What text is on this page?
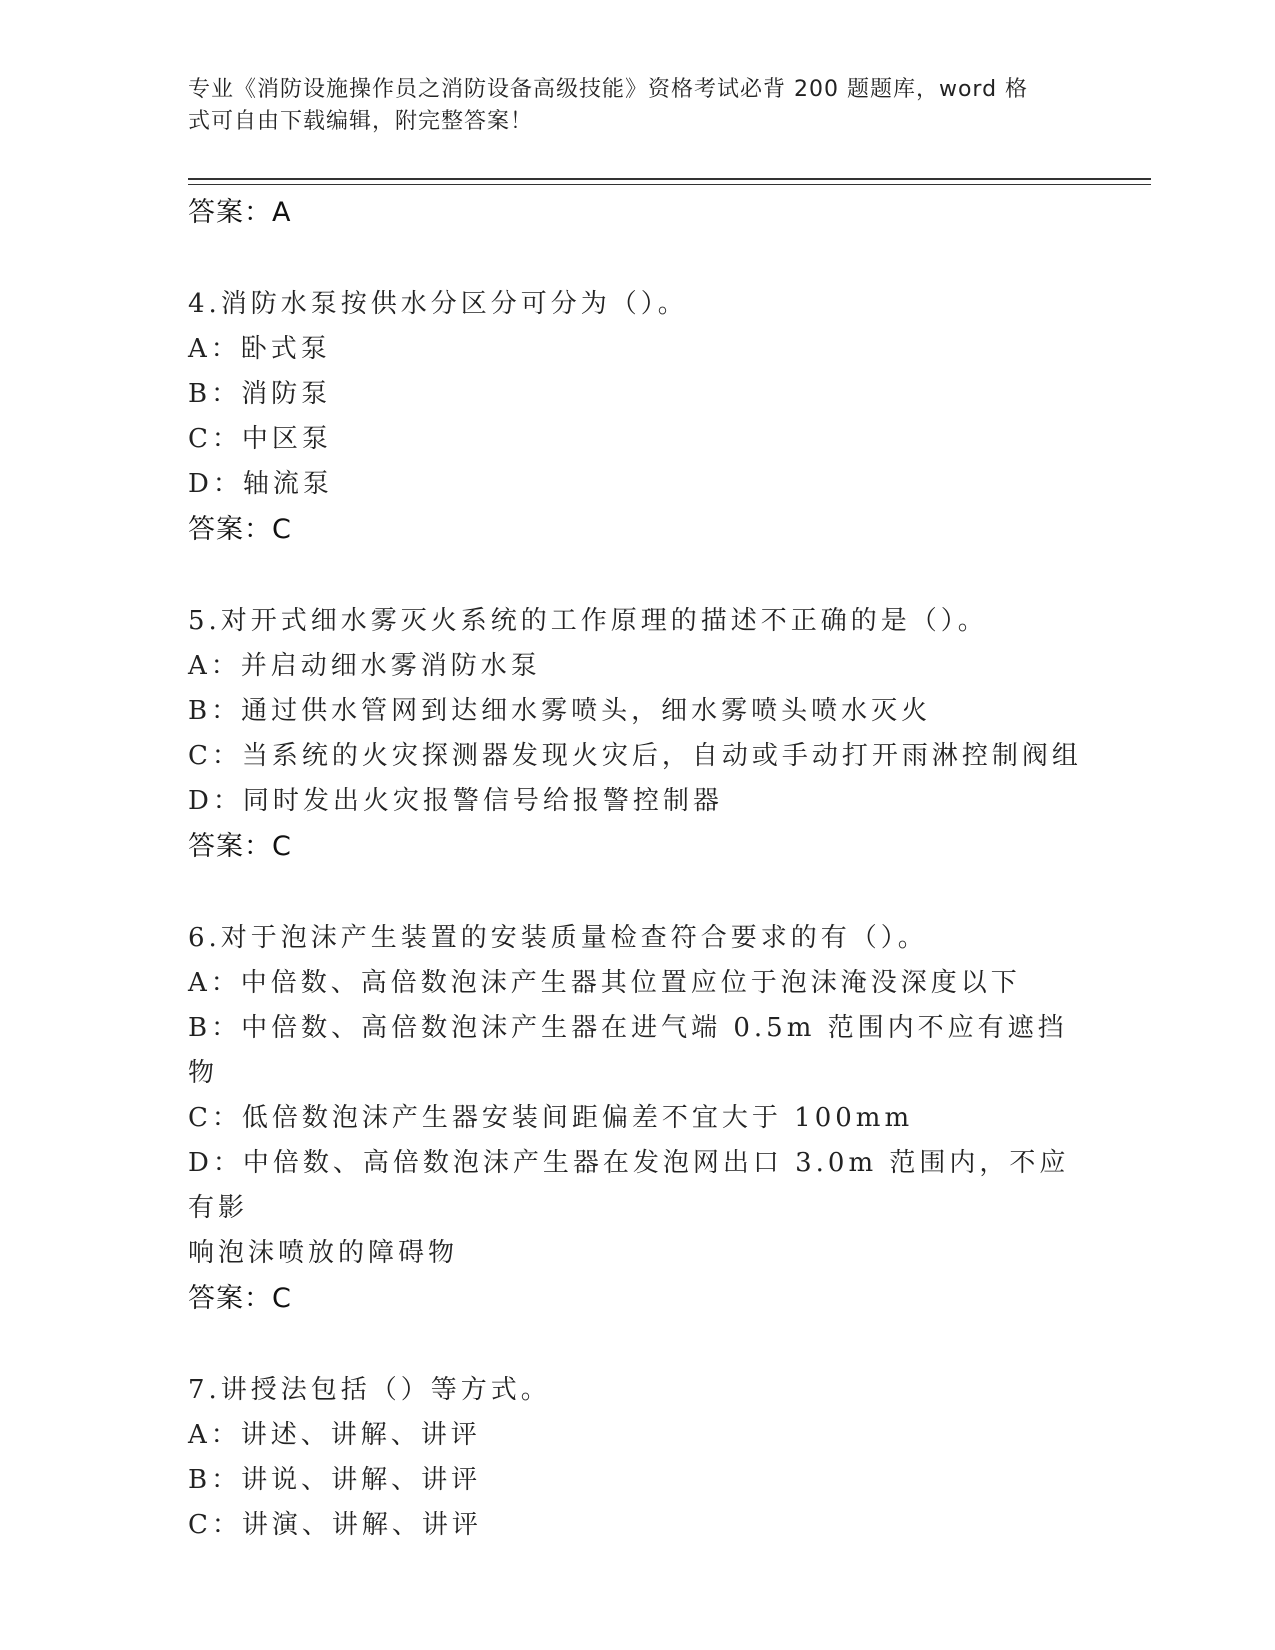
专业《消防设施操作员之消防设备高级技能》资格考试必背 200 题题库，word 格
式可自由下载编辑，附完整答案！
答案：A
4.消防水泵按供水分区分可分为（）。
A：卧式泵
B：消防泵
C：中区泵
D：轴流泵
答案：C
5.对开式细水雾灭火系统的工作原理的描述不正确的是（）。
A：并启动细水雾消防水泵
B：通过供水管网到达细水雾喷头，细水雾喷头喷水灭火
C：当系统的火灾探测器发现火灾后，自动或手动打开雨淋控制阀组
D：同时发出火灾报警信号给报警控制器
答案：C
6.对于泡沫产生装置的安装质量检查符合要求的有（）。
A：中倍数、高倍数泡沫产生器其位置应位于泡沫淹没深度以下
B：中倍数、高倍数泡沫产生器在进气端 0.5m 范围内不应有遮挡物
C：低倍数泡沫产生器安装间距偏差不宜大于 100mm
D：中倍数、高倍数泡沫产生器在发泡网出口 3.0m 范围内，不应有影
响泡沫喷放的障碍物
答案：C
7.讲授法包括（）等方式。
A：讲述、讲解、讲评
B：讲说、讲解、讲评
C：讲演、讲解、讲评
